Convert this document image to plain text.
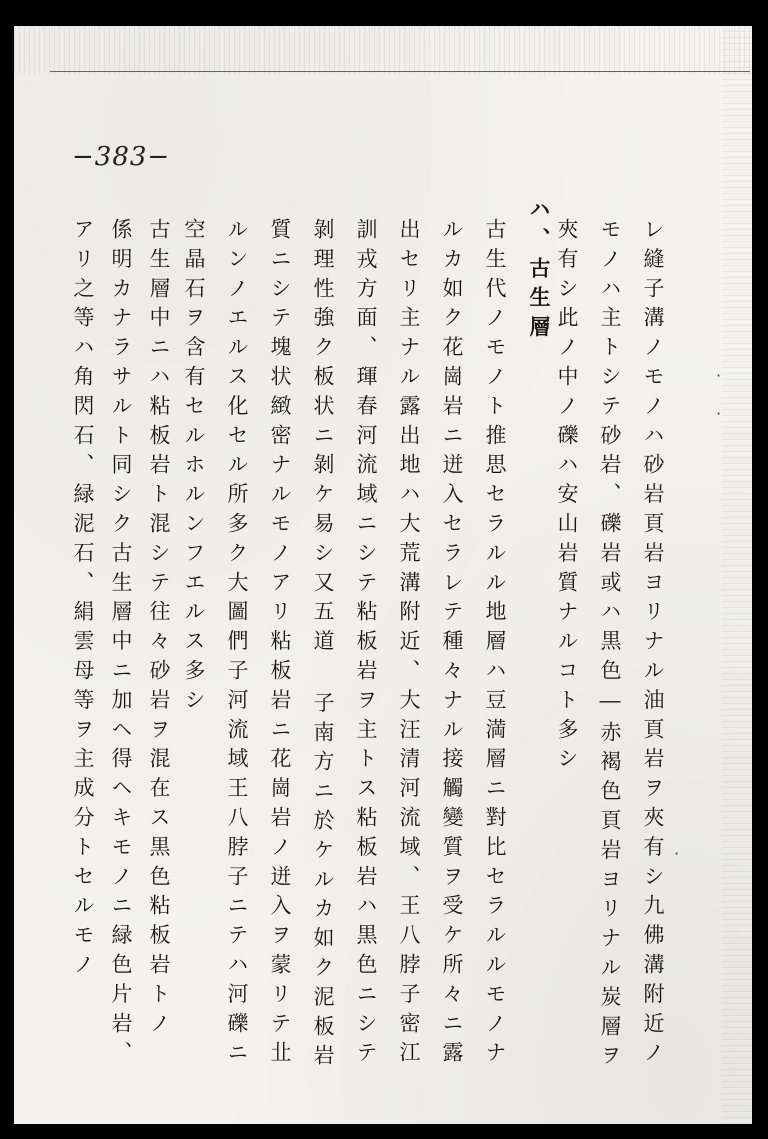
−383−
レ縫子溝ノモノハ砂岩頁岩ヨリナル油頁岩ヲ夾有シ九佛溝附近ノ
モノハ主トシテ砂岩、礫岩或ハ黒色―赤褐色頁岩ヨリナル炭層ヲ
夾有シ此ノ中ノ礫ハ安山岩質ナルコト多シ
ハ、古生層
古生代ノモノト推思セラルル地層ハ豆満層ニ對比セラルルモノナ
ルカ如ク花崗岩ニ迸入セラレテ種々ナル接觸變質ヲ受ケ所々ニ露
出セリ主ナル露出地ハ大荒溝附近、大汪清河流域、王八脖子密江
訓戎方面、琿春河流域ニシテ粘板岩ヲ主トス粘板岩ハ黒色ニシテ
剝理性強ク板状ニ剝ケ易シ又五道 子南方ニ於ケルカ如ク泥板岩
質ニシテ塊状緻密ナルモノアリ粘板岩ニ花崗岩ノ迸入ヲ蒙リテ㐀
ルンノエルス化セル所多ク大圖們子河流域王八脖子ニテハ河礫ニ
空晶石ヲ含有セルホルンフエルス多シ
古生層中ニハ粘板岩ト混シテ往々砂岩ヲ混在ス黒色粘板岩トノ
係明カナラサルト同シク古生層中ニ加ヘ得ヘキモノニ緑色片岩、
アリ之等ハ角閃石、緑泥石、絹雲母等ヲ主成分トセルモノ	·
·
·
